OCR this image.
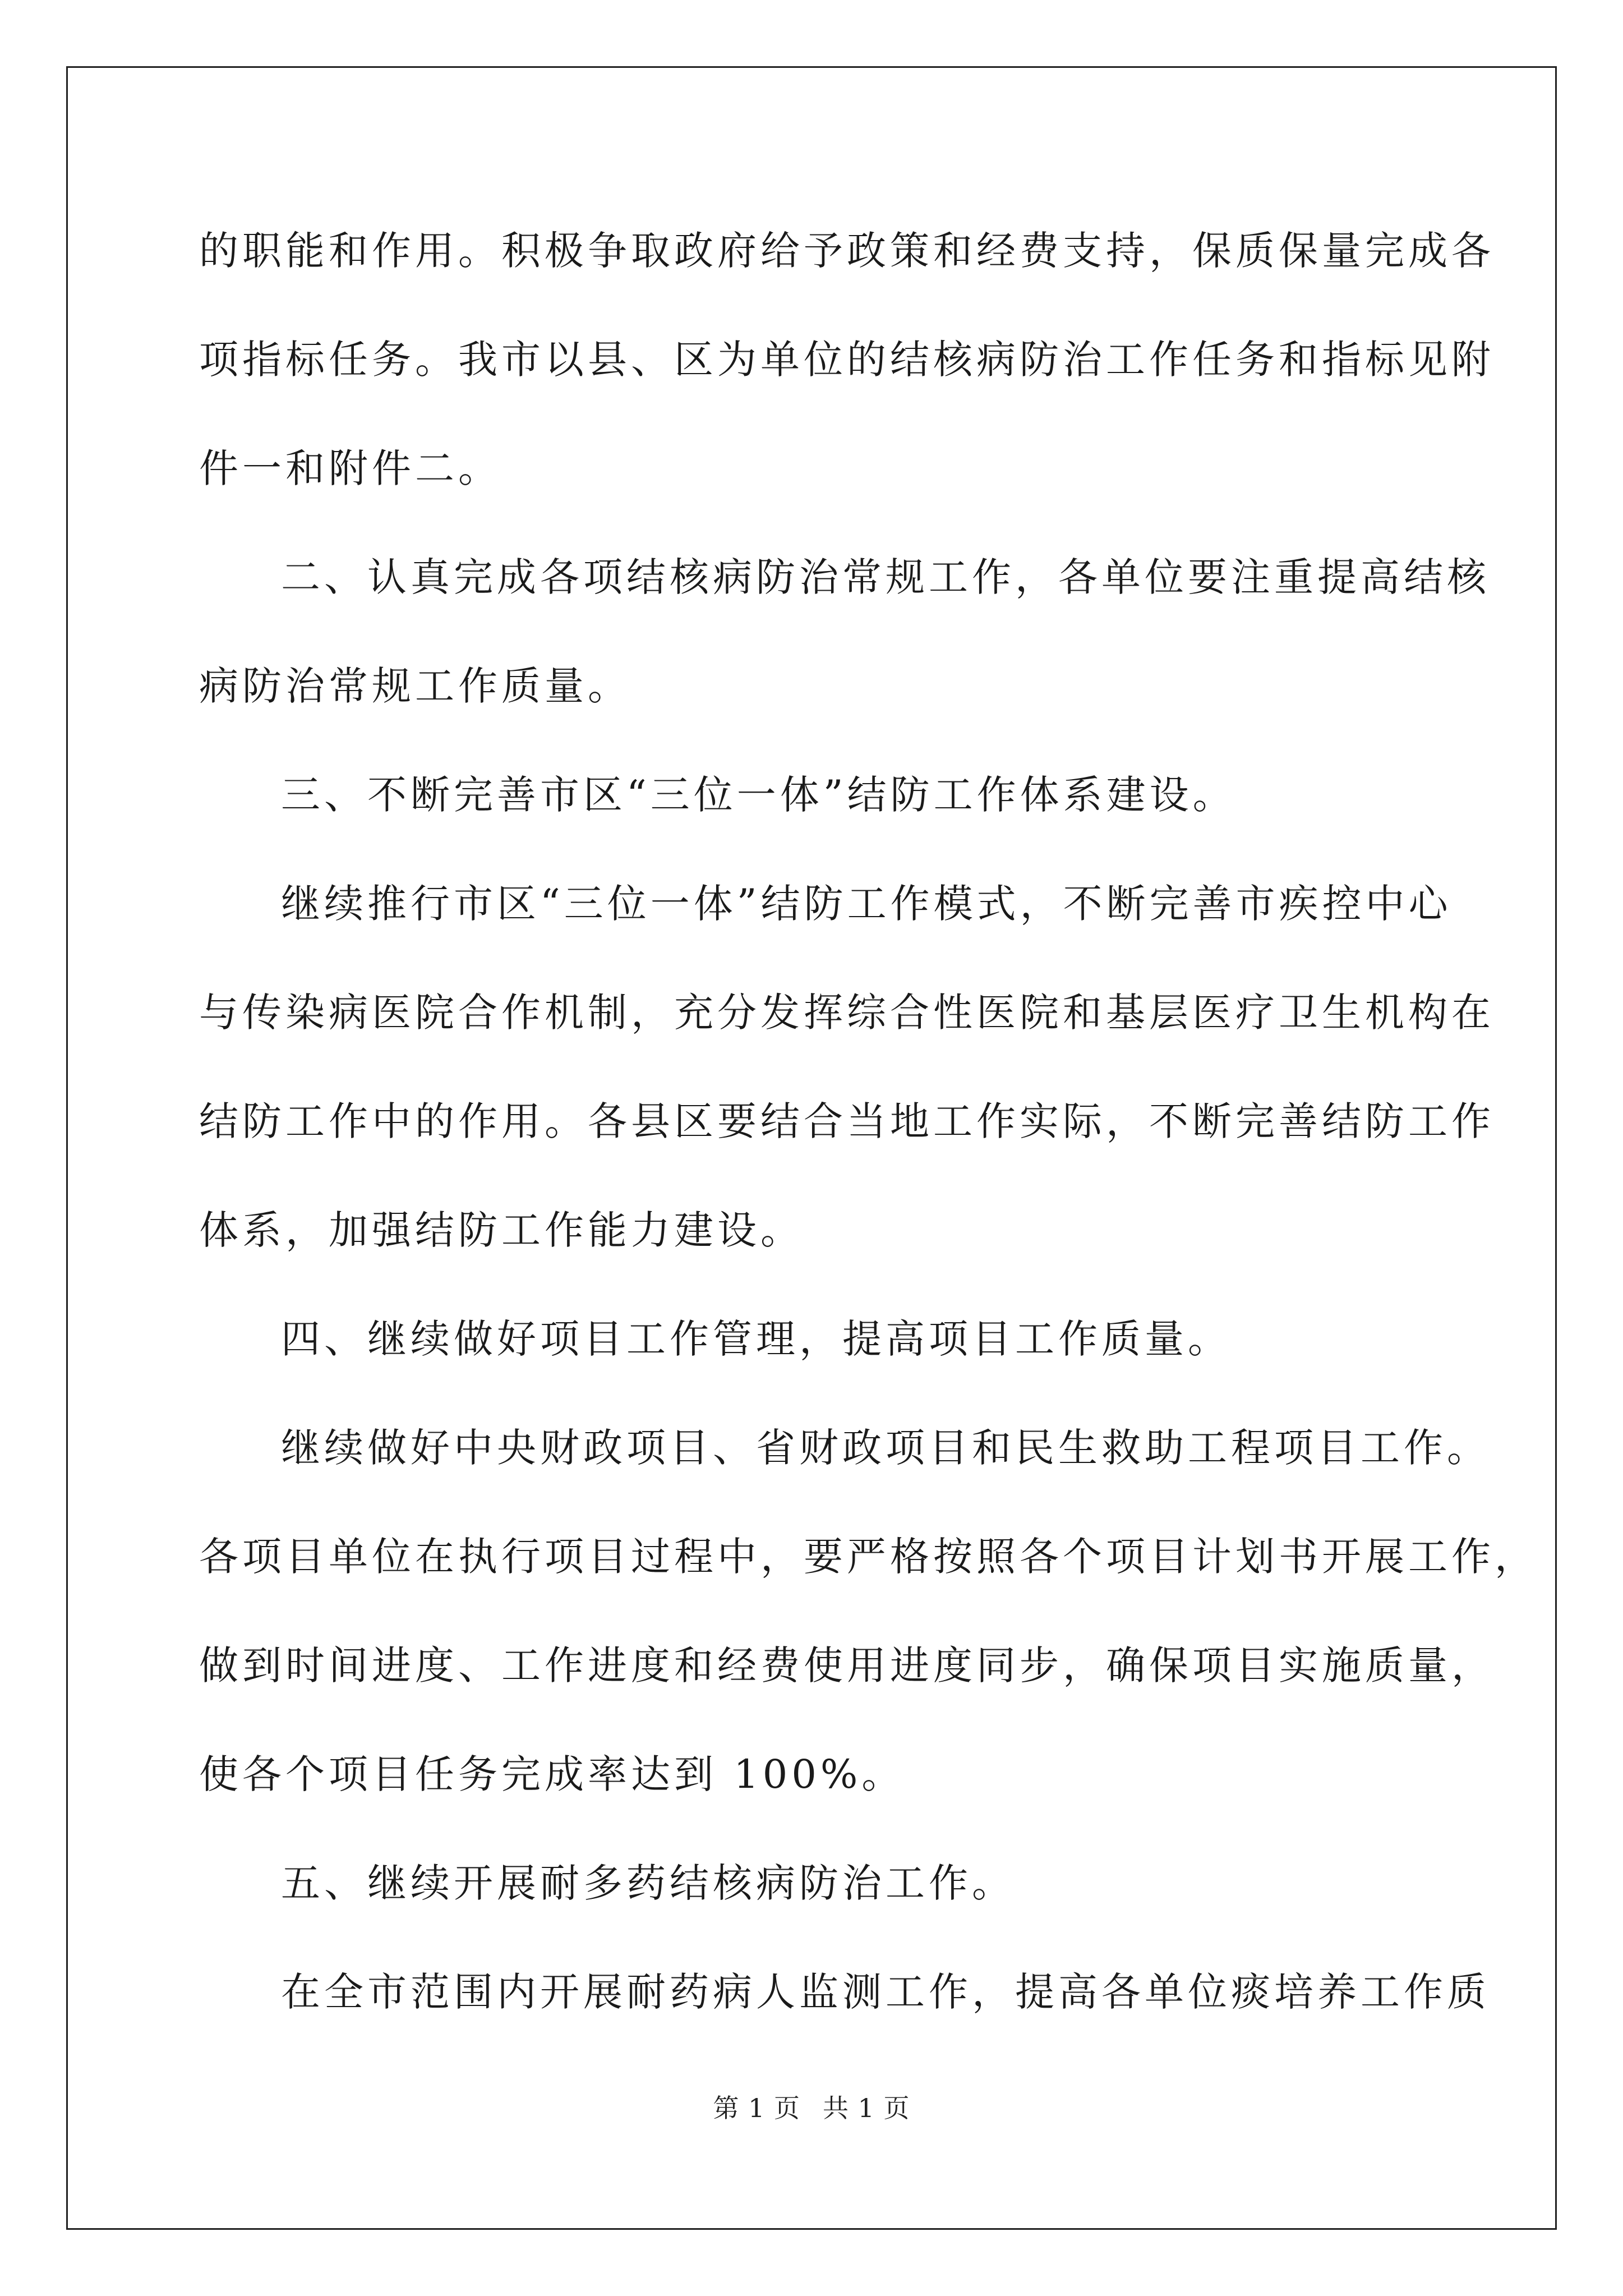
的职能和作用。积极争取政府给予政策和经费支持，保质保量完成各
项指标任务。我市以县、区为单位的结核病防治工作任务和指标见附
件一和附件二。
二、认真完成各项结核病防治常规工作，各单位要注重提高结核
病防治常规工作质量。
三、不断完善市区“三位一体”结防工作体系建设。
继续推行市区“三位一体”结防工作模式，不断完善市疾控中心
与传染病医院合作机制，充分发挥综合性医院和基层医疗卫生机构在
结防工作中的作用。各县区要结合当地工作实际，不断完善结防工作
体系，加强结防工作能力建设。
四、继续做好项目工作管理，提高项目工作质量。
继续做好中央财政项目、省财政项目和民生救助工程项目工作。
各项目单位在执行项目过程中，要严格按照各个项目计划书开展工作，
做到时间进度、工作进度和经费使用进度同步，确保项目实施质量，
使各个项目任务完成率达到 100%。
五、继续开展耐多药结核病防治工作。
在全市范围内开展耐药病人监测工作，提高各单位痰培养工作质
第 1 页 共 1 页
